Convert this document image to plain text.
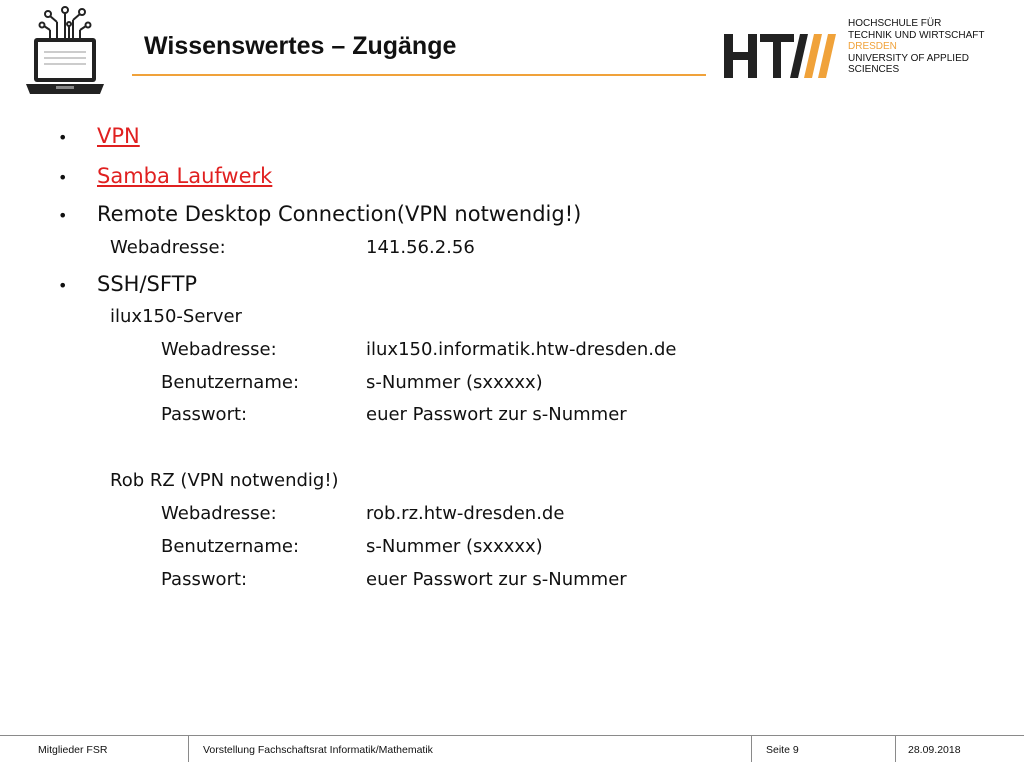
Wissenswertes – Zugänge
HOCHSCHULE FÜR
TECHNIK UND WIRTSCHAFT
DRESDEN
UNIVERSITY OF APPLIED SCIENCES
• VPN
• Samba Laufwerk
• Remote Desktop Connection(VPN notwendig!)
Webadresse:	141.56.2.56
• SSH/SFTP
ilux150-Server
Webadresse:	ilux150.informatik.htw-dresden.de
Benutzername:	s-Nummer (sxxxxx)
Passwort:	euer Passwort zur s-Nummer
Rob RZ (VPN notwendig!)
Webadresse:	rob.rz.htw-dresden.de
Benutzername:	s-Nummer (sxxxxx)
Passwort:	euer Passwort zur s-Nummer
Mitglieder FSR	Vorstellung Fachschaftsrat Informatik/Mathematik	Seite 9	28.09.2018
